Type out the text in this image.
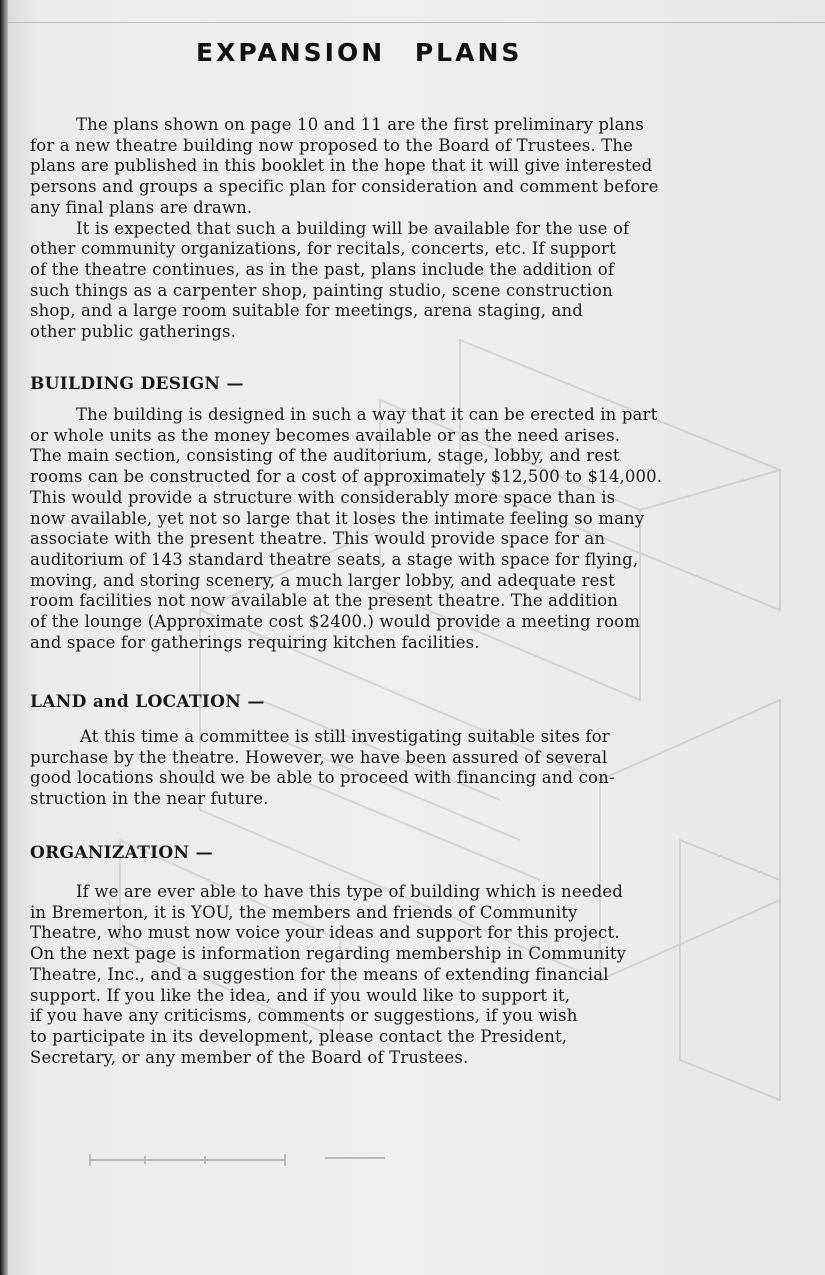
EXPANSION PLANS

The plans shown on page 10 and 11 are the first preliminary plans
for a new theatre building now proposed to the Board of Trustees. The
plans are published in this booklet in the hope that it will give interested
persons and groups a specific plan for consideration and comment before
any final plans are drawn.
It is expected that such a building will be available for the use of
other community organizations, for recitals, concerts, etc. If support
of the theatre continues, as in the past, plans include the addition of
such things as a carpenter shop, painting studio, scene construction
shop, and a large room suitable for meetings, arena staging, and
other public gatherings.

BUILDING DESIGN —

The building is designed in such a way that it can be erected in part
or whole units as the money becomes available or as the need arises.
The main section, consisting of the auditorium, stage, lobby, and rest
rooms can be constructed for a cost of approximately $12,500 to $14,000.
This would provide a structure with considerably more space than is
now available, yet not so large that it loses the intimate feeling so many
associate with the present theatre. This would provide space for an
auditorium of 143 standard theatre seats, a stage with space for flying,
moving, and storing scenery, a much larger lobby, and adequate rest
room facilities not now available at the present theatre. The addition
of the lounge (Approximate cost $2400.) would provide a meeting room
and space for gatherings requiring kitchen facilities.

LAND and LOCATION —

At this time a committee is still investigating suitable sites for
purchase by the theatre. However, we have been assured of several
good locations should we be able to proceed with financing and con-
struction in the near future.

ORGANIZATION —

If we are ever able to have this type of building which is needed
in Bremerton, it is YOU, the members and friends of Community
Theatre, who must now voice your ideas and support for this project.
On the next page is information regarding membership in Community
Theatre, Inc., and a suggestion for the means of extending financial
support. If you like the idea, and if you would like to support it,
if you have any criticisms, comments or suggestions, if you wish
to participate in its development, please contact the President,
Secretary, or any member of the Board of Trustees.
